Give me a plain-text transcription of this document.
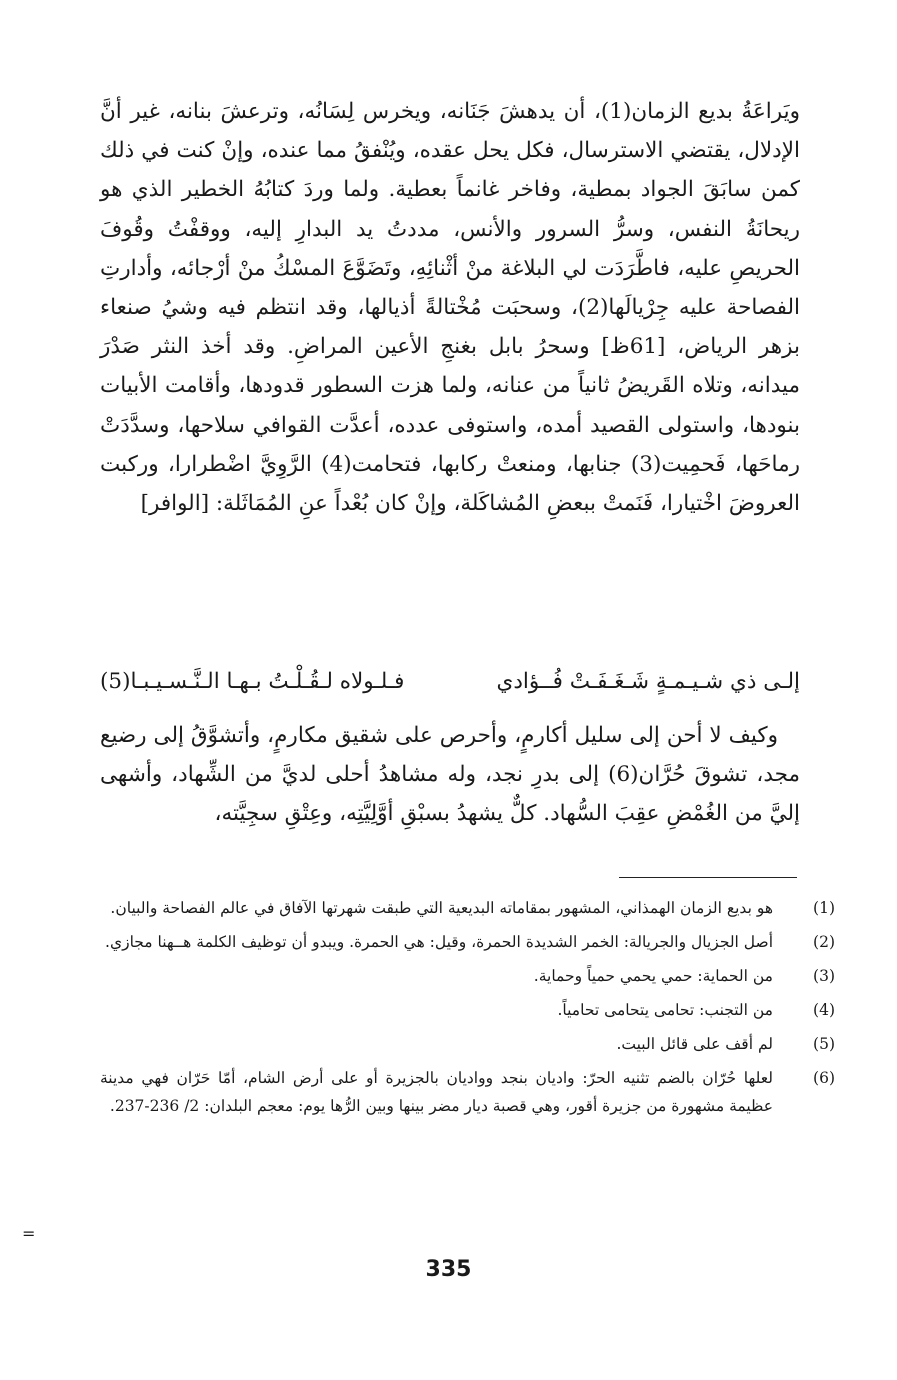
ويَراعَةُ بديع الزمان(1)، أن يدهشَ جَنَانه، ويخرس لِسَانُه، وترعشَ بنانه، غير أنَّ الإدلال، يقتضي الاسترسال، فكل يحل عقده، ويُنْفقُ مما عنده، وإنْ كنت في ذلك كمن سابَقَ الجواد بمطية، وفاخر غانماً بعطية. ولما وردَ كتابُهُ الخطير الذي هو ريحانَةُ النفس، وسرُّ السرور والأنس، مددتُ يد البدارِ إليه، ووقفْتُ وقُوفَ الحريصِ عليه، فاطَّرَدَت لي البلاغة منْ أثْنائِهِ، وتَضَوَّعَ المسْكُ منْ أرْجائه، وأدارتِ الفصاحة عليه جِرْيالَها(2)، وسحبَت مُخْتالةً أذيالها، وقد انتظم فيه وشيُ صنعاء بزهر الرياض، [61ظ] وسحرُ بابل بغنجِ الأعين المراضِ. وقد أخذ النثر صَدْرَ ميدانه، وتلاه القَريضُ ثانياً من عنانه، ولما هزت السطور قدودها، وأقامت الأبيات بنودها، واستولى القصيد أمده، واستوفى عدده، أعدَّت القوافي سلاحها، وسدَّدَتْ رماحَها، فَحمِيت(3) جنابها، ومنعتْ ركابها، فتحامت(4) الرَّوِيَّ اضْطرارا، وركبت العروضَ اخْتيارا، فَنَمتْ ببعضِ المُشاكَلة، وإنْ كان بُعْداً عنِ المُمَاثَلة: [الوافر]

إلـى ذي شـيـمـةٍ شَـغَـفَـتْ فُــؤادي
فـلـولاه لـقُـلْـتُ بـهـا الـنَّـسـيـبـا(5)

وكيف لا أحن إلى سليل أكارمٍ، وأحرص على شقيق مكارمٍ، وأتشوَّقُ إلى رضيع مجد، تشوقَ حُرَّان(6) إلى بدرِ نجد، وله مشاهدُ أحلى لديَّ من الشِّهاد، وأشهى إليَّ من الغُمْضِ عقِبَ السُّهاد. كلٌّ يشهدُ بسبْقِ أوَّلِيَّتِه، وعِتْقِ سجِيَّته،

(1)
هو بديع الزمان الهمذاني، المشهور بمقاماته البديعية التي طبقت شهرتها الآفاق في عالم الفصاحة والبيان.
(2)
أصل الجزيال والجريالة: الخمر الشديدة الحمرة، وقيل: هي الحمرة. ويبدو أن توظيف الكلمة هــهنا مجازي.
(3)
من الحماية: حمي يحمي حمياً وحماية.
(4)
من التجنب: تحامى يتحامى تحامياً.
(5)
لم أقف على قائل البيت.
(6)
لعلها حُرّان بالضم تثنيه الحرّ: واديان بنجد وواديان بالجزيرة أو على أرض الشام، أمّا حَرّان فهي مدينة عظيمة مشهورة من جزيرة أقور، وهي قصبة ديار مضر بينها وبين الرُّها يوم: معجم البلدان: 2/ 236-237.
=
335
